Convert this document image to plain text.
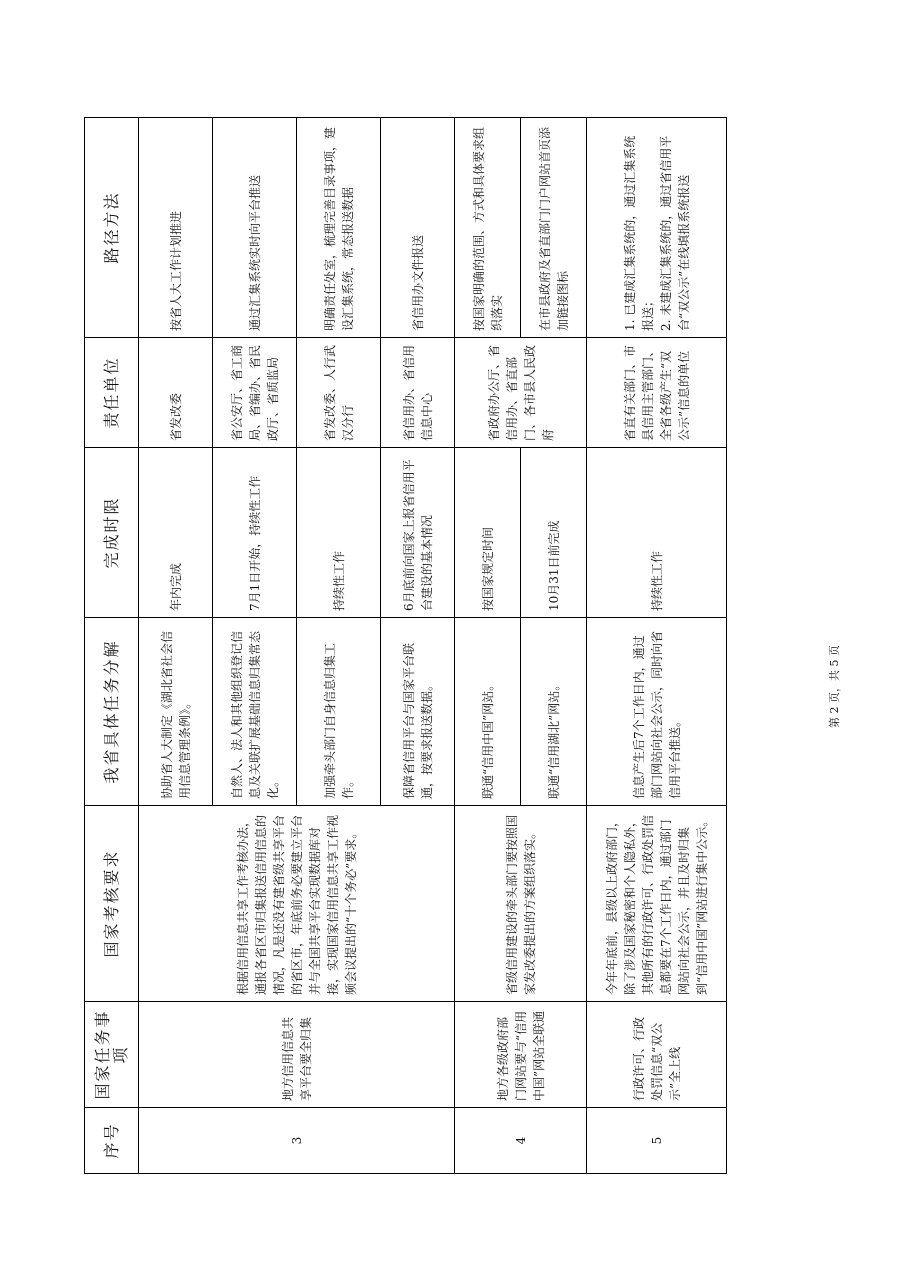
序号	国家任务事项	国家考核要求	我省具体任务分解	完成时限	责任单位	路径方法
3	地方信用信息共享平台要全归集	根据信用信息共享工作考核办法，通报各省区市归集报送信用信息的情况，凡是还没有建省级共享平台的省区市，年底前务必要建立平台并与全国共享平台实现数据库对接，实现国家信用信息共享工作视频会议提出的“十个务必”要求。	协助省人大制定《湖北省社会信用信息管理条例》。	年内完成	省发改委	按省人大工作计划推进
			自然人、法人和其他组织登记信息及关联扩展基础信息归集常态化。	7月1日开始，持续性工作	省公安厅、省工商局、省编办、省民政厅、省质监局	通过汇集系统实时向平台推送
			加强牵头部门自身信息归集工作。	持续性工作	省发改委、人行武汉分行	明确责任处室，梳理完善目录事项，建设汇集系统，常态报送数据
			保障省信用平台与国家平台联通，按要求报送数据。	6月底前向国家上报省信用平台建设的基本情况	省信用办、省信用信息中心	省信用办文件报送
4	地方各级政府部门网站要与“信用中国”网站全联通	省级信用建设的牵头部门要按照国家发改委提出的方案组织落实。	联通“信用中国”网站。	按国家规定时间	省政府办公厅、省信用办、省直部门、各市县人民政府	按国家明确的范围、方式和具体要求组织落实
			联通“信用湖北”网站。	10月31日前完成		在市县政府及省直部门门户网站首页添加链接图标
5	行政许可、行政处罚信息“双公示”全上线	今年年底前，县级以上政府部门，除了涉及国家秘密和个人隐私外，其他所有的行政许可、行政处罚信息都要在7个工作日内，通过部门网站向社会公示，并且及时归集到“信用中国”网站进行集中公示。	信息产生后7个工作日内，通过部门网站向社会公示，同时向省信用平台推送。	持续性工作	省直有关部门、市县信用主管部门、全省各级产生“双公示”信息的单位	1. 已建成汇集系统的，通过汇集系统报送；
2. 未建成汇集系统的，通过省信用平台“双公示”在线填报系统报送
第 2 页，共 5 页
